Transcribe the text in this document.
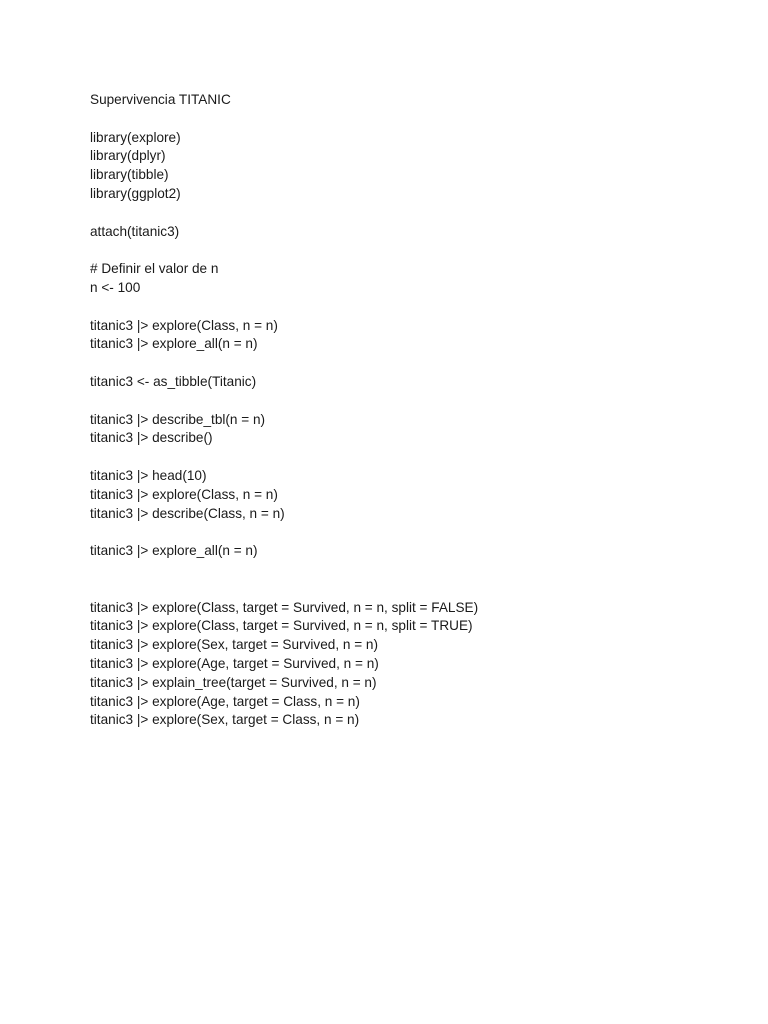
Supervivencia TITANIC
library(explore)
library(dplyr)
library(tibble)
library(ggplot2)
attach(titanic3)
# Definir el valor de n
n <- 100
titanic3 |> explore(Class, n = n)
titanic3 |> explore_all(n = n)
titanic3 <- as_tibble(Titanic)
titanic3 |> describe_tbl(n = n)
titanic3 |> describe()
titanic3 |> head(10)
titanic3 |> explore(Class, n = n)
titanic3 |> describe(Class, n = n)
titanic3 |> explore_all(n = n)
titanic3 |> explore(Class, target = Survived, n = n, split = FALSE)
titanic3 |> explore(Class, target = Survived, n = n, split = TRUE)
titanic3 |> explore(Sex, target = Survived, n = n)
titanic3 |> explore(Age, target = Survived, n = n)
titanic3 |> explain_tree(target = Survived, n = n)
titanic3 |> explore(Age, target = Class, n = n)
titanic3 |> explore(Sex, target = Class, n = n)
